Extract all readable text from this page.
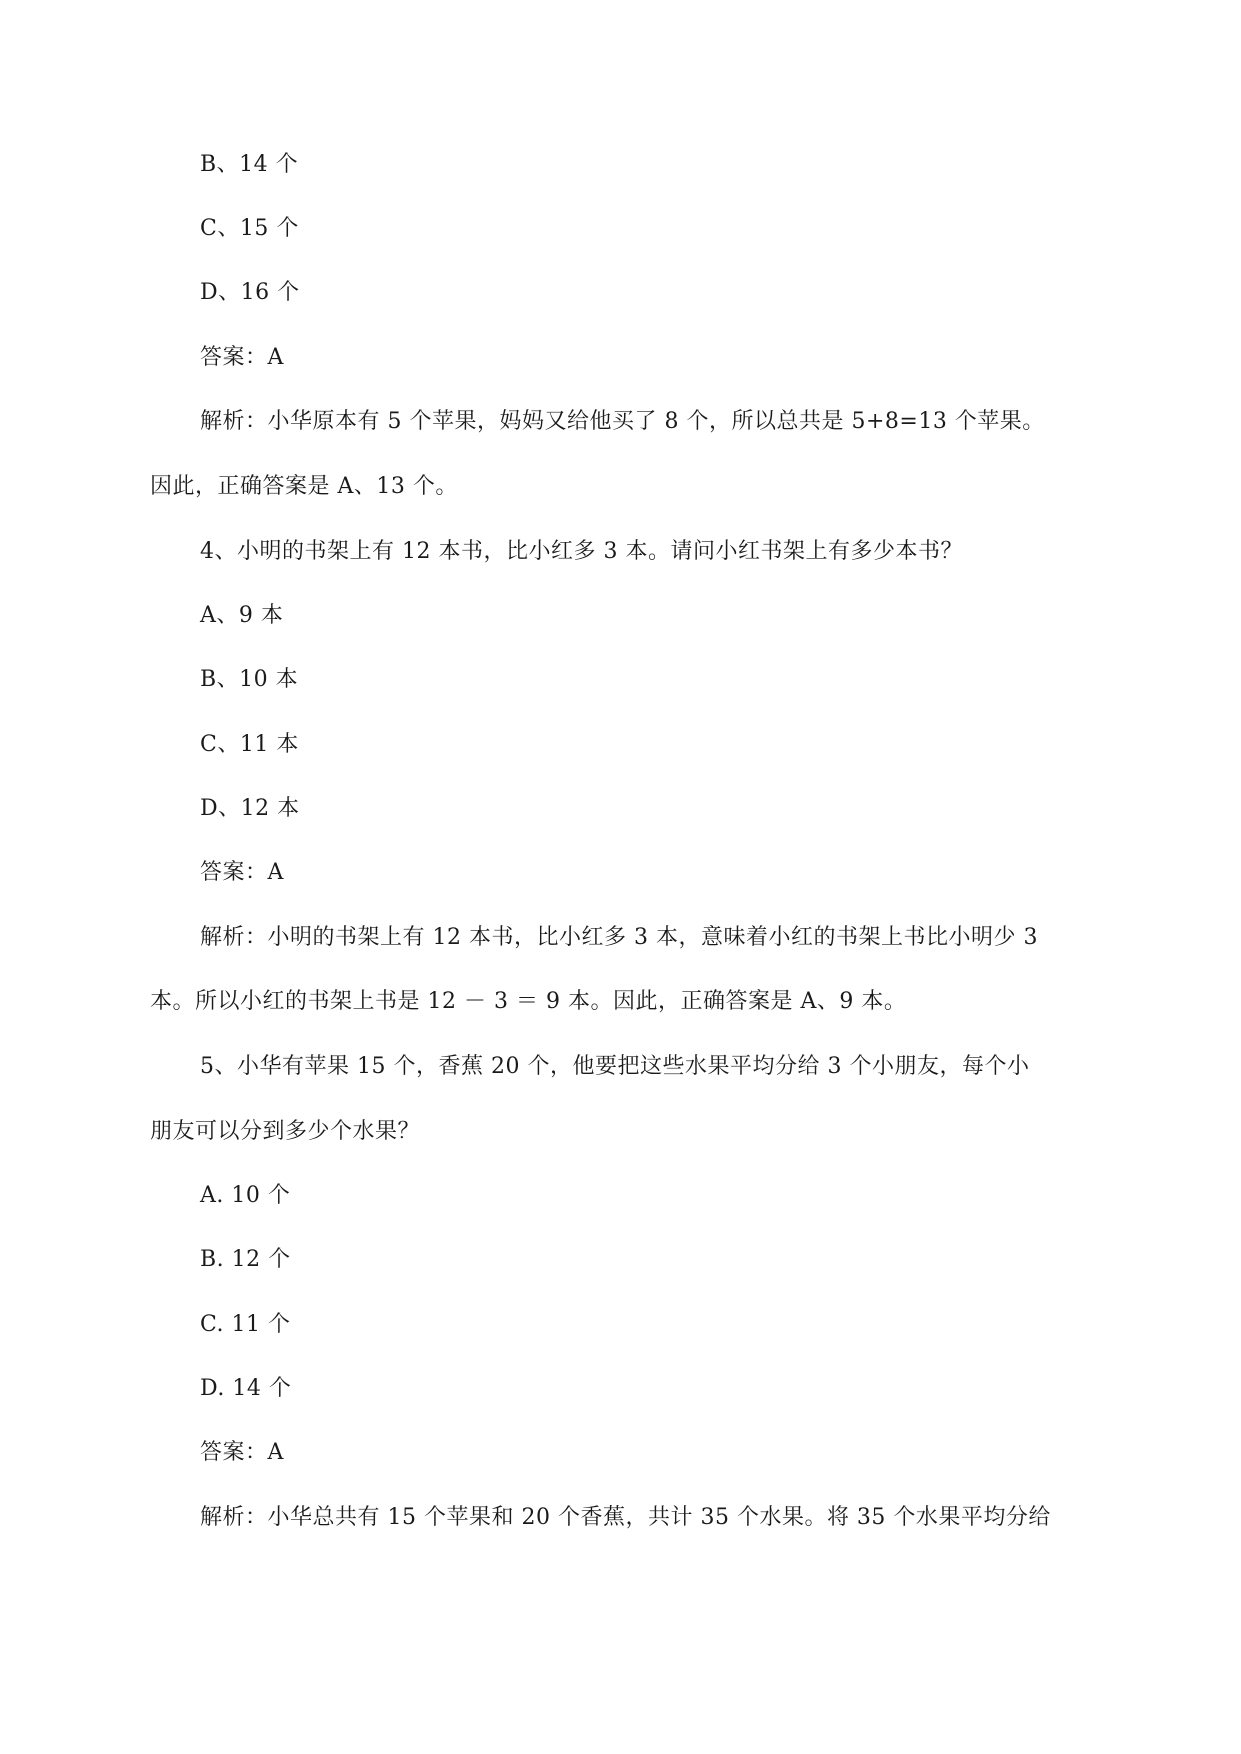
B、14 个
C、15 个
D、16 个
答案：A
解析：小华原本有 5 个苹果，妈妈又给他买了 8 个，所以总共是 5+8=13 个苹果。
因此，正确答案是 A、13 个。
4、小明的书架上有 12 本书，比小红多 3 本。请问小红书架上有多少本书？
A、9 本
B、10 本
C、11 本
D、12 本
答案：A
解析：小明的书架上有 12 本书，比小红多 3 本，意味着小红的书架上书比小明少 3
本。所以小红的书架上书是 12 － 3 ＝ 9 本。因此，正确答案是 A、9 本。
5、小华有苹果 15 个，香蕉 20 个，他要把这些水果平均分给 3 个小朋友，每个小
朋友可以分到多少个水果？
A. 10 个
B. 12 个
C. 11 个
D. 14 个
答案：A
解析：小华总共有 15 个苹果和 20 个香蕉，共计 35 个水果。将 35 个水果平均分给
